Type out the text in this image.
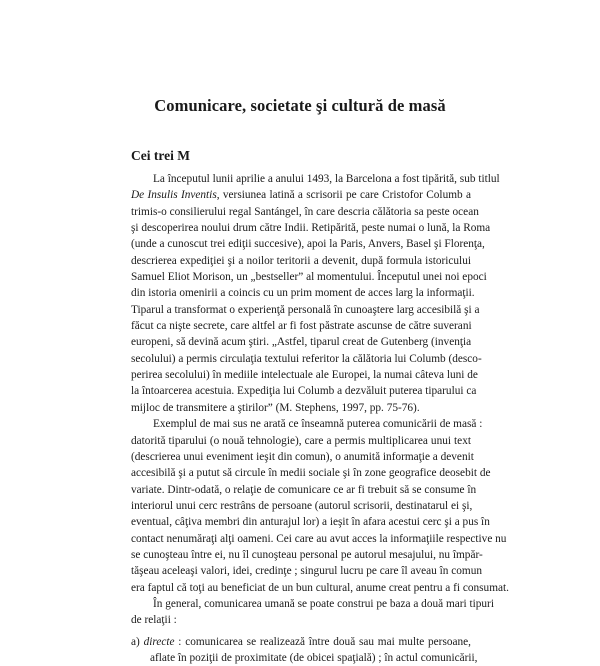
Comunicare, societate şi cultură de masă
Cei trei M
La începutul lunii aprilie a anului 1493, la Barcelona a fost tipărită, sub titlul
De Insulis Inventis, versiunea latină a scrisorii pe care Cristofor Columb a
trimis-o consilierului regal Santángel, în care descria călătoria sa peste ocean
şi descoperirea noului drum către Indii. Retipărită, peste numai o lună, la Roma
(unde a cunoscut trei ediţii succesive), apoi la Paris, Anvers, Basel şi Florenţa,
descrierea expediţiei şi a noilor teritorii a devenit, după formula istoricului
Samuel Eliot Morison, un „bestseller” al momentului. Începutul unei noi epoci
din istoria omenirii a coincis cu un prim moment de acces larg la informaţii.
Tiparul a transformat o experienţă personală în cunoaştere larg accesibilă şi a
făcut ca nişte secrete, care altfel ar fi fost păstrate ascunse de către suverani
europeni, să devină acum ştiri. „Astfel, tiparul creat de Gutenberg (invenţia
secolului) a permis circulaţia textului referitor la călătoria lui Columb (desco-
perirea secolului) în mediile intelectuale ale Europei, la numai câteva luni de
la întoarcerea acestuia. Expediţia lui Columb a dezvăluit puterea tiparului ca
mijloc de transmitere a ştirilor” (M. Stephens, 1997, pp. 75-76).
Exemplul de mai sus ne arată ce înseamnă puterea comunicării de masă :
datorită tiparului (o nouă tehnologie), care a permis multiplicarea unui text
(descrierea unui eveniment ieşit din comun), o anumită informaţie a devenit
accesibilă şi a putut să circule în medii sociale şi în zone geografice deosebit de
variate. Dintr-odată, o relaţie de comunicare ce ar fi trebuit să se consume în
interiorul unui cerc restrâns de persoane (autorul scrisorii, destinatarul ei şi,
eventual, câţiva membri din anturajul lor) a ieşit în afara acestui cerc şi a pus în
contact nenumăraţi alţi oameni. Cei care au avut acces la informaţiile respective nu
se cunoşteau între ei, nu îl cunoşteau personal pe autorul mesajului, nu împăr-
tăşeau aceleaşi valori, idei, credinţe ; singurul lucru pe care îl aveau în comun
era faptul că toţi au beneficiat de un bun cultural, anume creat pentru a fi consumat.
În general, comunicarea umană se poate construi pe baza a două mari tipuri
de relaţii :
a) directe : comunicarea se realizează între două sau mai multe persoane,
aflate în poziţii de proximitate (de obicei spaţială) ; în actul comunicării,
